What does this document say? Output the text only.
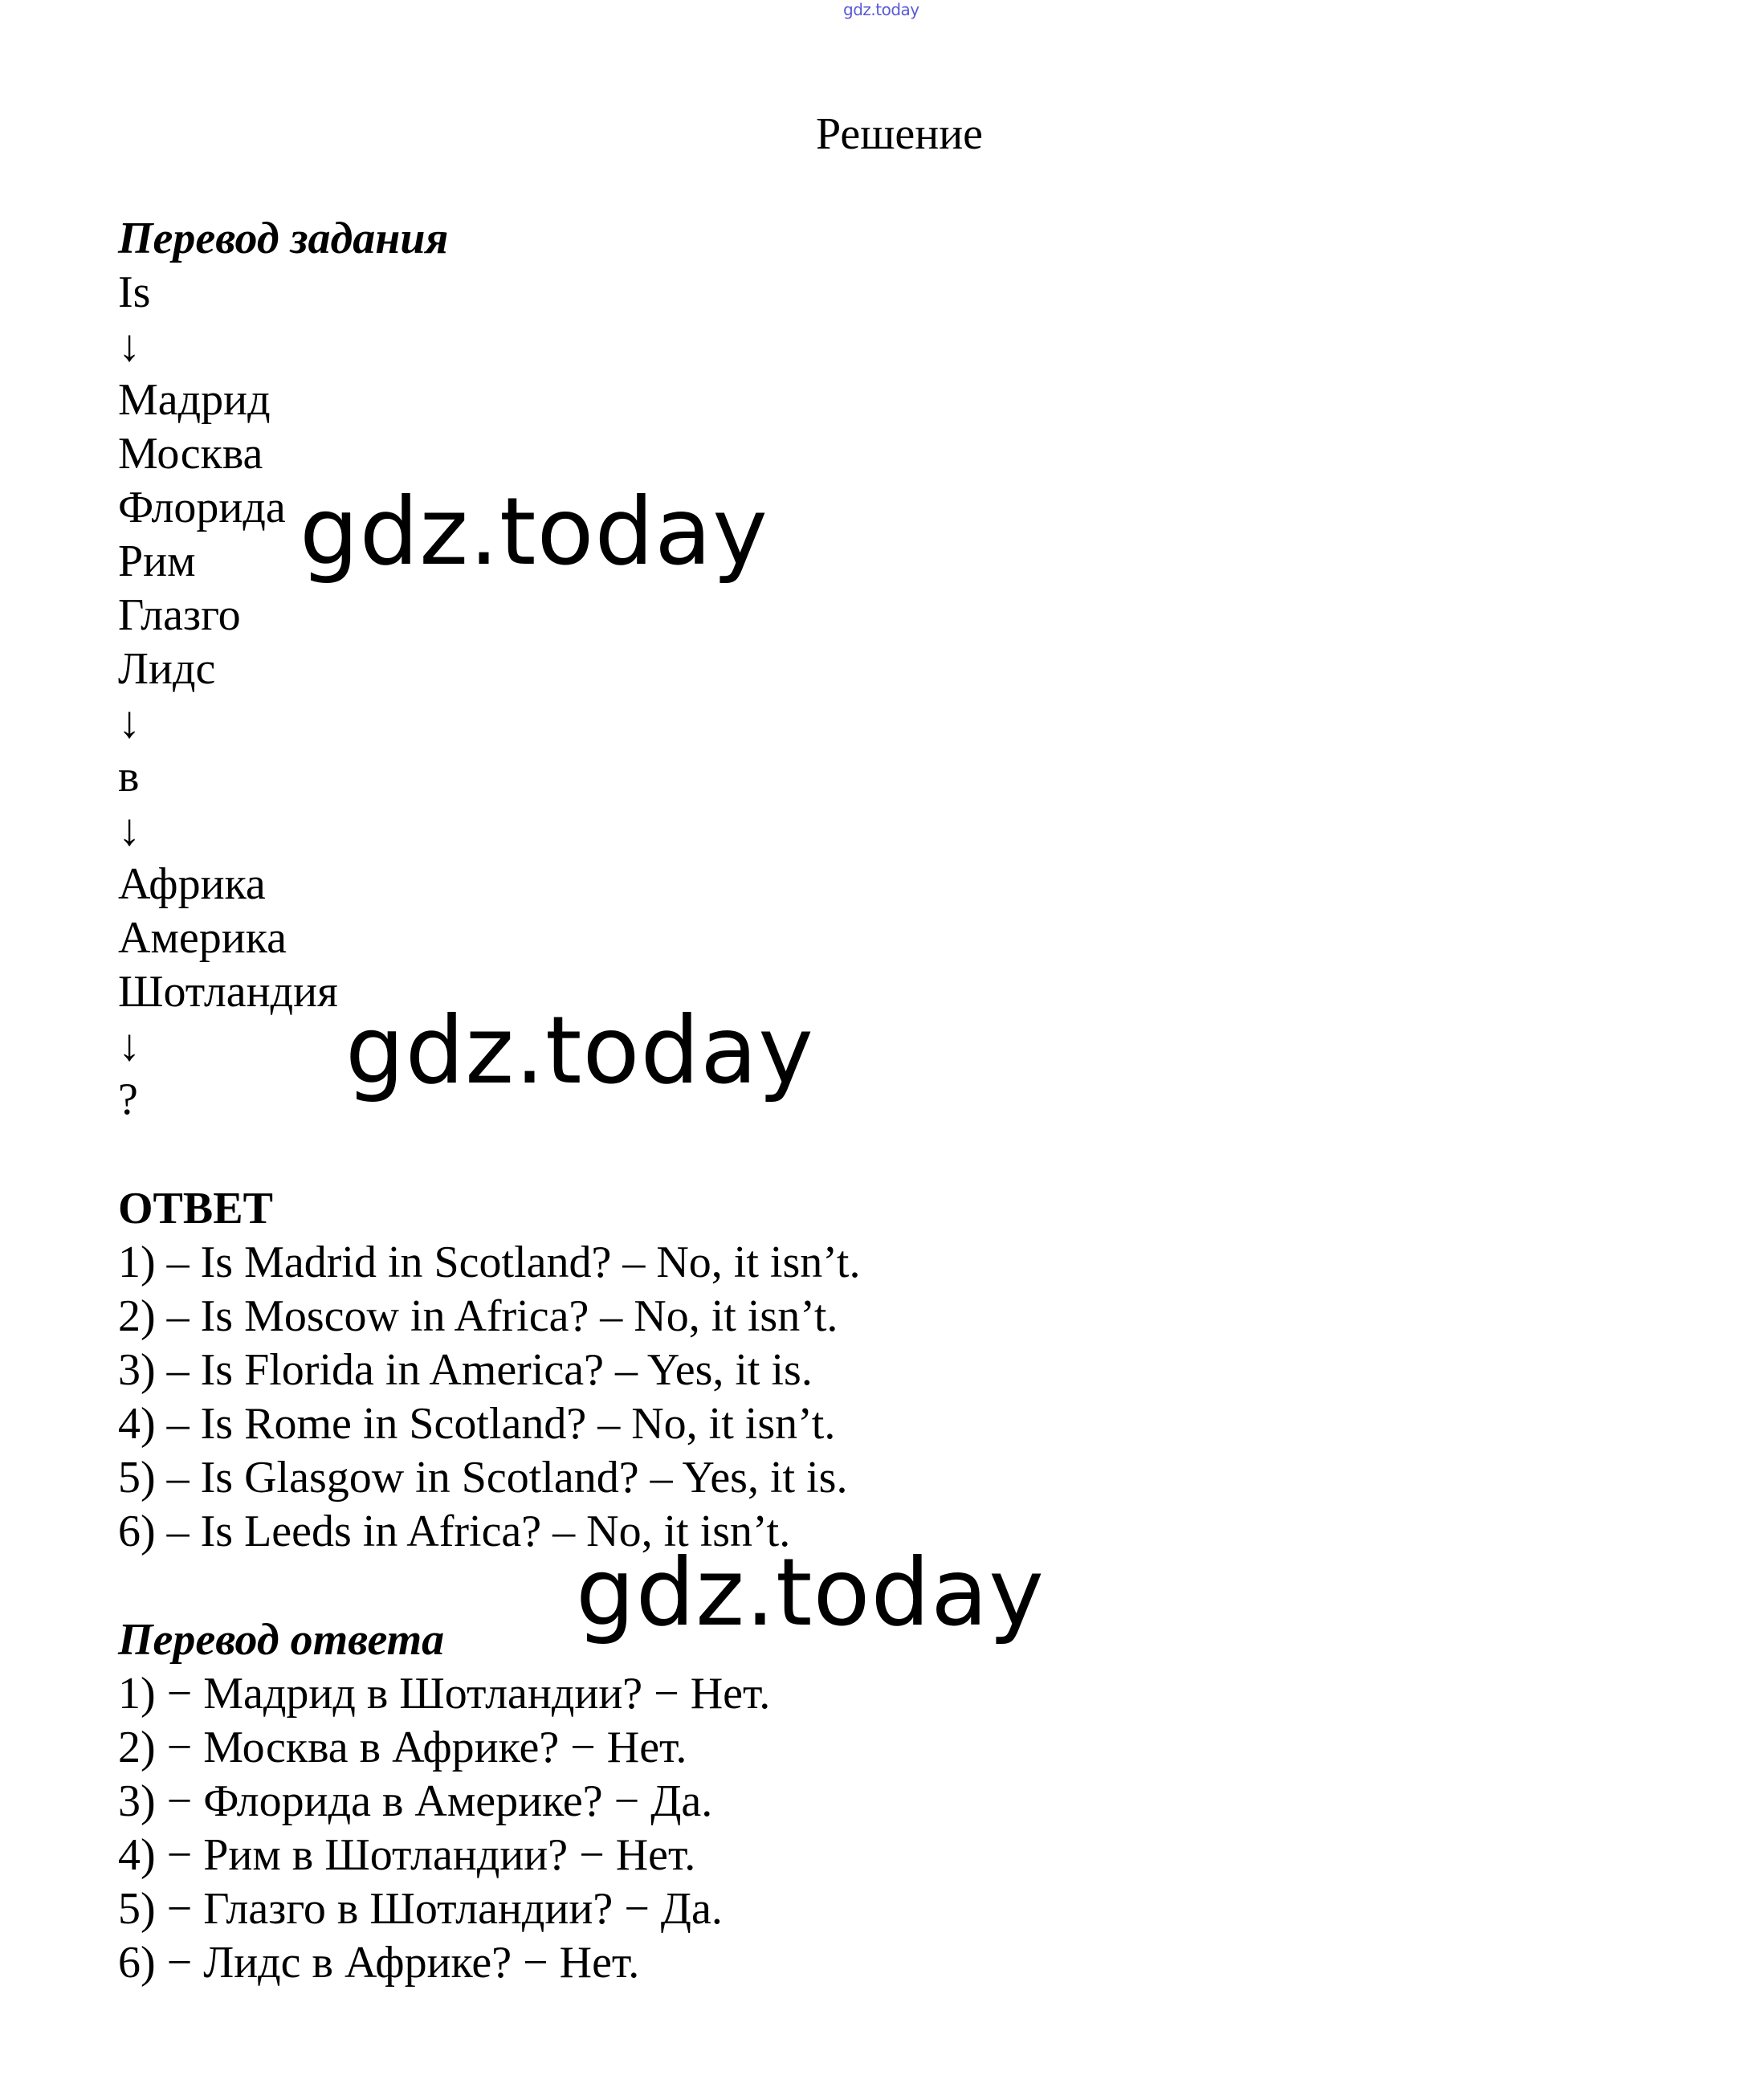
gdz.today
Решение
Перевод задания
Is
↓
Мадрид
Москва
Флорида
Рим
Глазго
Лидс
↓
в
↓
Африка
Америка
Шотландия
↓
?
ОТВЕТ
1) – Is Madrid in Scotland? – No, it isn’t.
2) – Is Moscow in Africa? – No, it isn’t.
3) – Is Florida in America? – Yes, it is.
4) – Is Rome in Scotland? – No, it isn’t.
5) – Is Glasgow in Scotland? – Yes, it is.
6) – Is Leeds in Africa? – No, it isn’t.
Перевод ответа
1) − Мадрид в Шотландии? − Нет.
2) − Москва в Африке? − Нет.
3) − Флорида в Америке? − Да.
4) − Рим в Шотландии? − Нет.
5) − Глазго в Шотландии? − Да.
6) − Лидс в Африке? − Нет.
gdz.today
gdz.today
gdz.today
